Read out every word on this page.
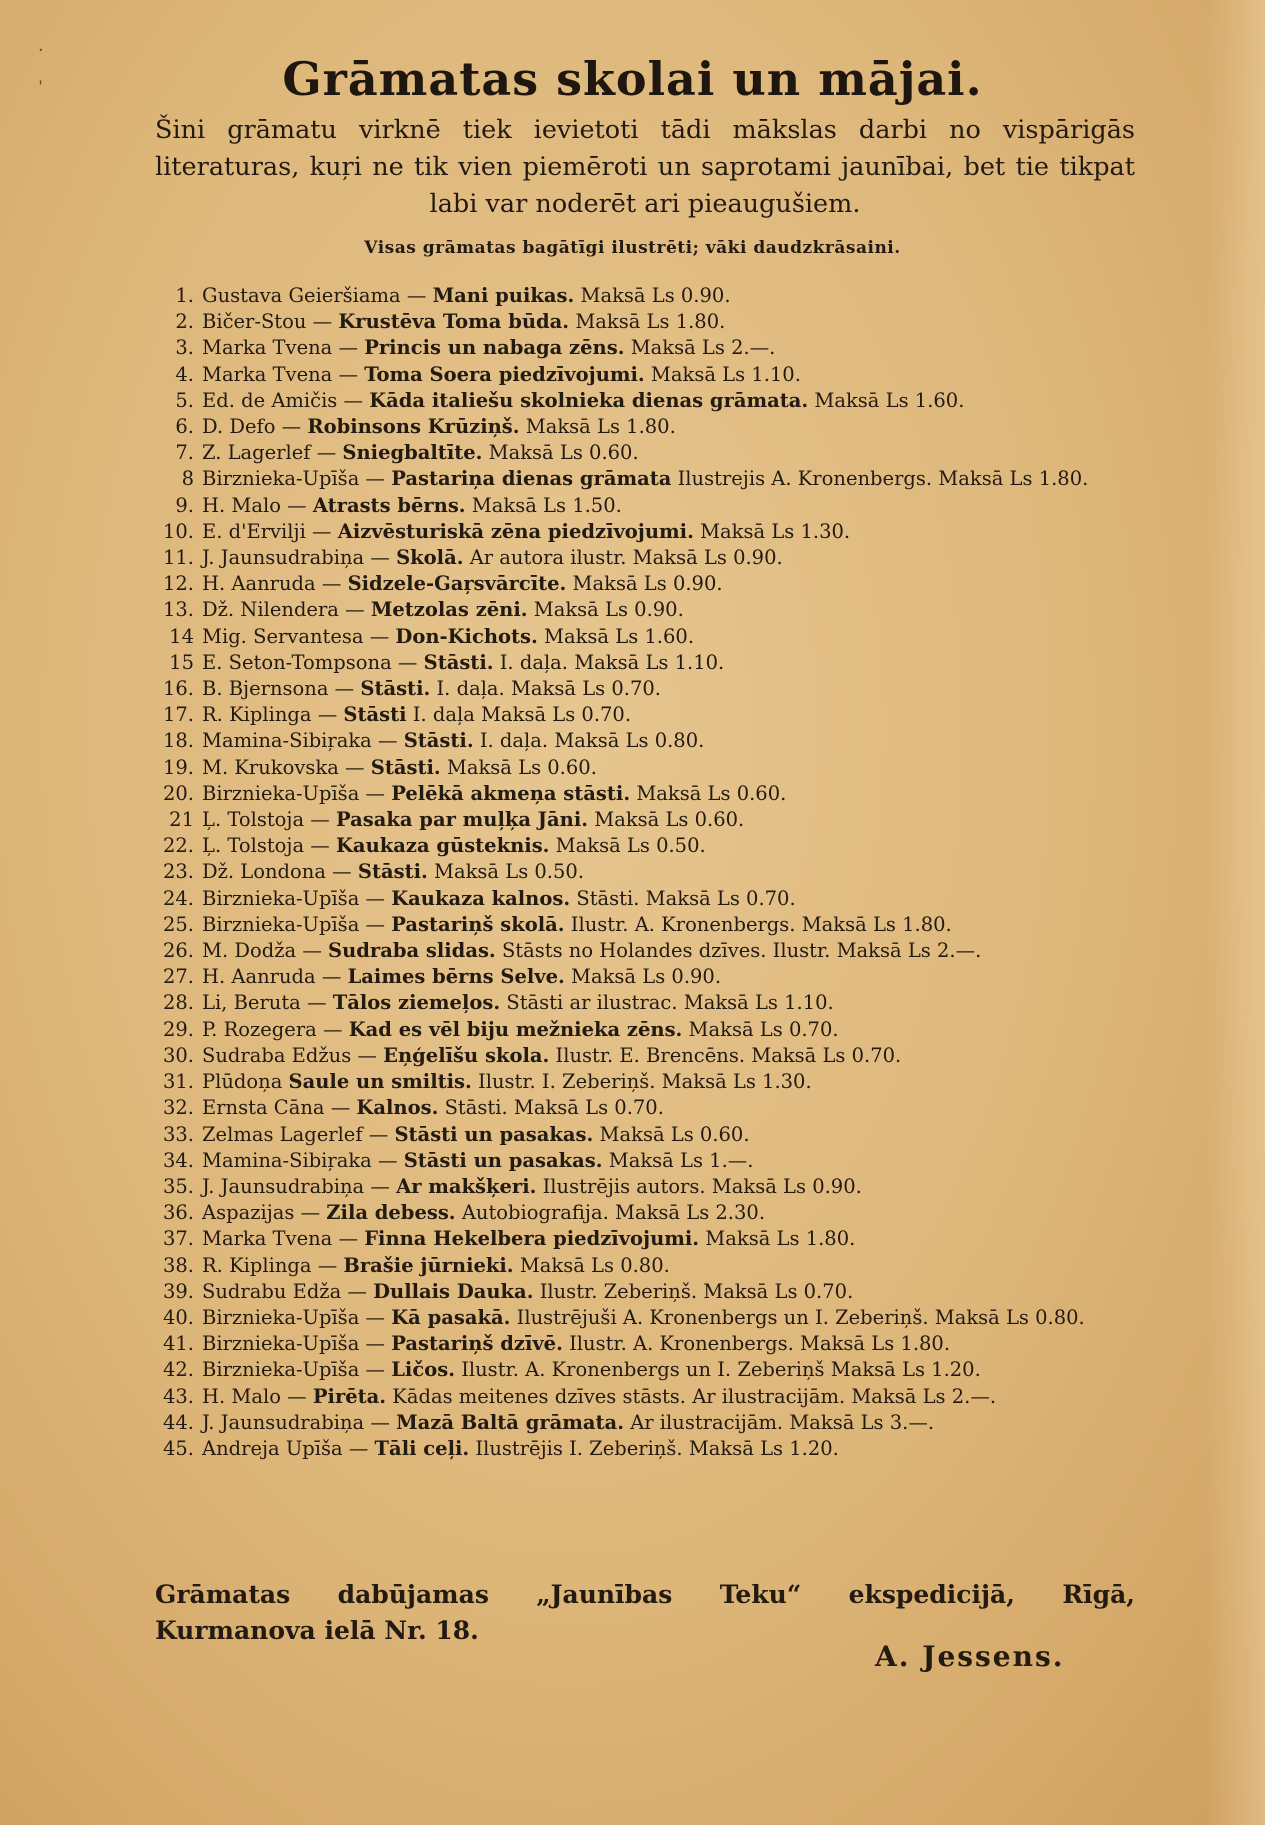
·
ˈ	Grāmatas skolai un mājai.
Šini grāmatu virknē tiek ievietoti tādi mākslas darbi no vispārigās literaturas, kuŗi ne tik vien piemēroti un saprotami jaunībai, bet tie tikpat labi var noderēt ari pieaugušiem.
Visas grāmatas bagātīgi ilustrēti; vāki daudzkrāsaini.
1. Gustava Geieršiama — Mani puikas. Maksā Ls 0.90.
2. Bičer-Stou — Krustēva Toma būda. Maksā Ls 1.80.
3. Marka Tvena — Princis un nabaga zēns. Maksā Ls 2.—.
4. Marka Tvena — Toma Soera piedzīvojumi. Maksā Ls 1.10.
5. Ed. de Amičis — Kāda italiešu skolnieka dienas grāmata. Maksā Ls 1.60.
6. D. Defo — Robinsons Krūziņš. Maksā Ls 1.80.
7. Z. Lagerlef — Sniegbaltīte. Maksā Ls 0.60.
8 Birznieka-Upīša — Pastariņa dienas grāmata Ilustrejis A. Kronenbergs. Maksā Ls 1.80.
9. H. Malo — Atrasts bērns. Maksā Ls 1.50.
10. E. d'Ervilji — Aizvēsturiskā zēna piedzīvojumi. Maksā Ls 1.30.
11. J. Jaunsudrabiņa — Skolā. Ar autora ilustr. Maksā Ls 0.90.
12. H. Aanruda — Sidzele-Gaŗsvārcīte. Maksā Ls 0.90.
13. Dž. Nilendera — Metzolas zēni. Maksā Ls 0.90.
14 Mig. Servantesa — Don-Kichots. Maksā Ls 1.60.
15 E. Seton-Tompsona — Stāsti. I. daļa. Maksā Ls 1.10.
16. B. Bjernsona — Stāsti. I. daļa. Maksā Ls 0.70.
17. R. Kiplinga — Stāsti I. daļa Maksā Ls 0.70.
18. Mamina-Sibiŗaka — Stāsti. I. daļa. Maksā Ls 0.80.
19. M. Krukovska — Stāsti. Maksā Ls 0.60.
20. Birznieka-Upīša — Pelēkā akmeņa stāsti. Maksā Ls 0.60.
21 Ļ. Tolstoja — Pasaka par muļķa Jāni. Maksā Ls 0.60.
22. Ļ. Tolstoja — Kaukaza gūsteknis. Maksā Ls 0.50.
23. Dž. Londona — Stāsti. Maksā Ls 0.50.
24. Birznieka-Upīša — Kaukaza kalnos. Stāsti. Maksā Ls 0.70.
25. Birznieka-Upīša — Pastariņš skolā. Ilustr. A. Kronenbergs. Maksā Ls 1.80.
26. M. Dodža — Sudraba slidas. Stāsts no Holandes dzīves. Ilustr. Maksā Ls 2.—.
27. H. Aanruda — Laimes bērns Selve. Maksā Ls 0.90.
28. Li, Beruta — Tālos ziemeļos. Stāsti ar ilustrac. Maksā Ls 1.10.
29. P. Rozegera — Kad es vēl biju mežnieka zēns. Maksā Ls 0.70.
30. Sudraba Edžus — Eņģelīšu skola. Ilustr. E. Brencēns. Maksā Ls 0.70.
31. Plūdoņa Saule un smiltis. Ilustr. I. Zeberiņš. Maksā Ls 1.30.
32. Ernsta Cāna — Kalnos. Stāsti. Maksā Ls 0.70.
33. Zelmas Lagerlef — Stāsti un pasakas. Maksā Ls 0.60.
34. Mamina-Sibiŗaka — Stāsti un pasakas. Maksā Ls 1.—.
35. J. Jaunsudrabiņa — Ar makšķeri. Ilustrējis autors. Maksā Ls 0.90.
36. Aspazijas — Zila debess. Autobiografija. Maksā Ls 2.30.
37. Marka Tvena — Finna Hekelbera piedzīvojumi. Maksā Ls 1.80.
38. R. Kiplinga — Brašie jūrnieki. Maksā Ls 0.80.
39. Sudrabu Edža — Dullais Dauka. Ilustr. Zeberiņš. Maksā Ls 0.70.
40. Birznieka-Upīša — Kā pasakā. Ilustrējuši A. Kronenbergs un I. Zeberiņš. Maksā Ls 0.80.
41. Birznieka-Upīša — Pastariņš dzīvē. Ilustr. A. Kronenbergs. Maksā Ls 1.80.
42. Birznieka-Upīša — Ličos. Ilustr. A. Kronenbergs un I. Zeberiņš Maksā Ls 1.20.
43. H. Malo — Pirēta. Kādas meitenes dzīves stāsts. Ar ilustracijām. Maksā Ls 2.—.
44. J. Jaunsudrabiņa — Mazā Baltā grāmata. Ar ilustracijām. Maksā Ls 3.—.
45. Andreja Upīša — Tāli ceļi. Ilustrējis I. Zeberiņš. Maksā Ls 1.20.
Grāmatas dabūjamas „Jaunības Teku“ ekspedicijā, Rīgā,
Kurmanova ielā Nr. 18.
A. Jessens.
